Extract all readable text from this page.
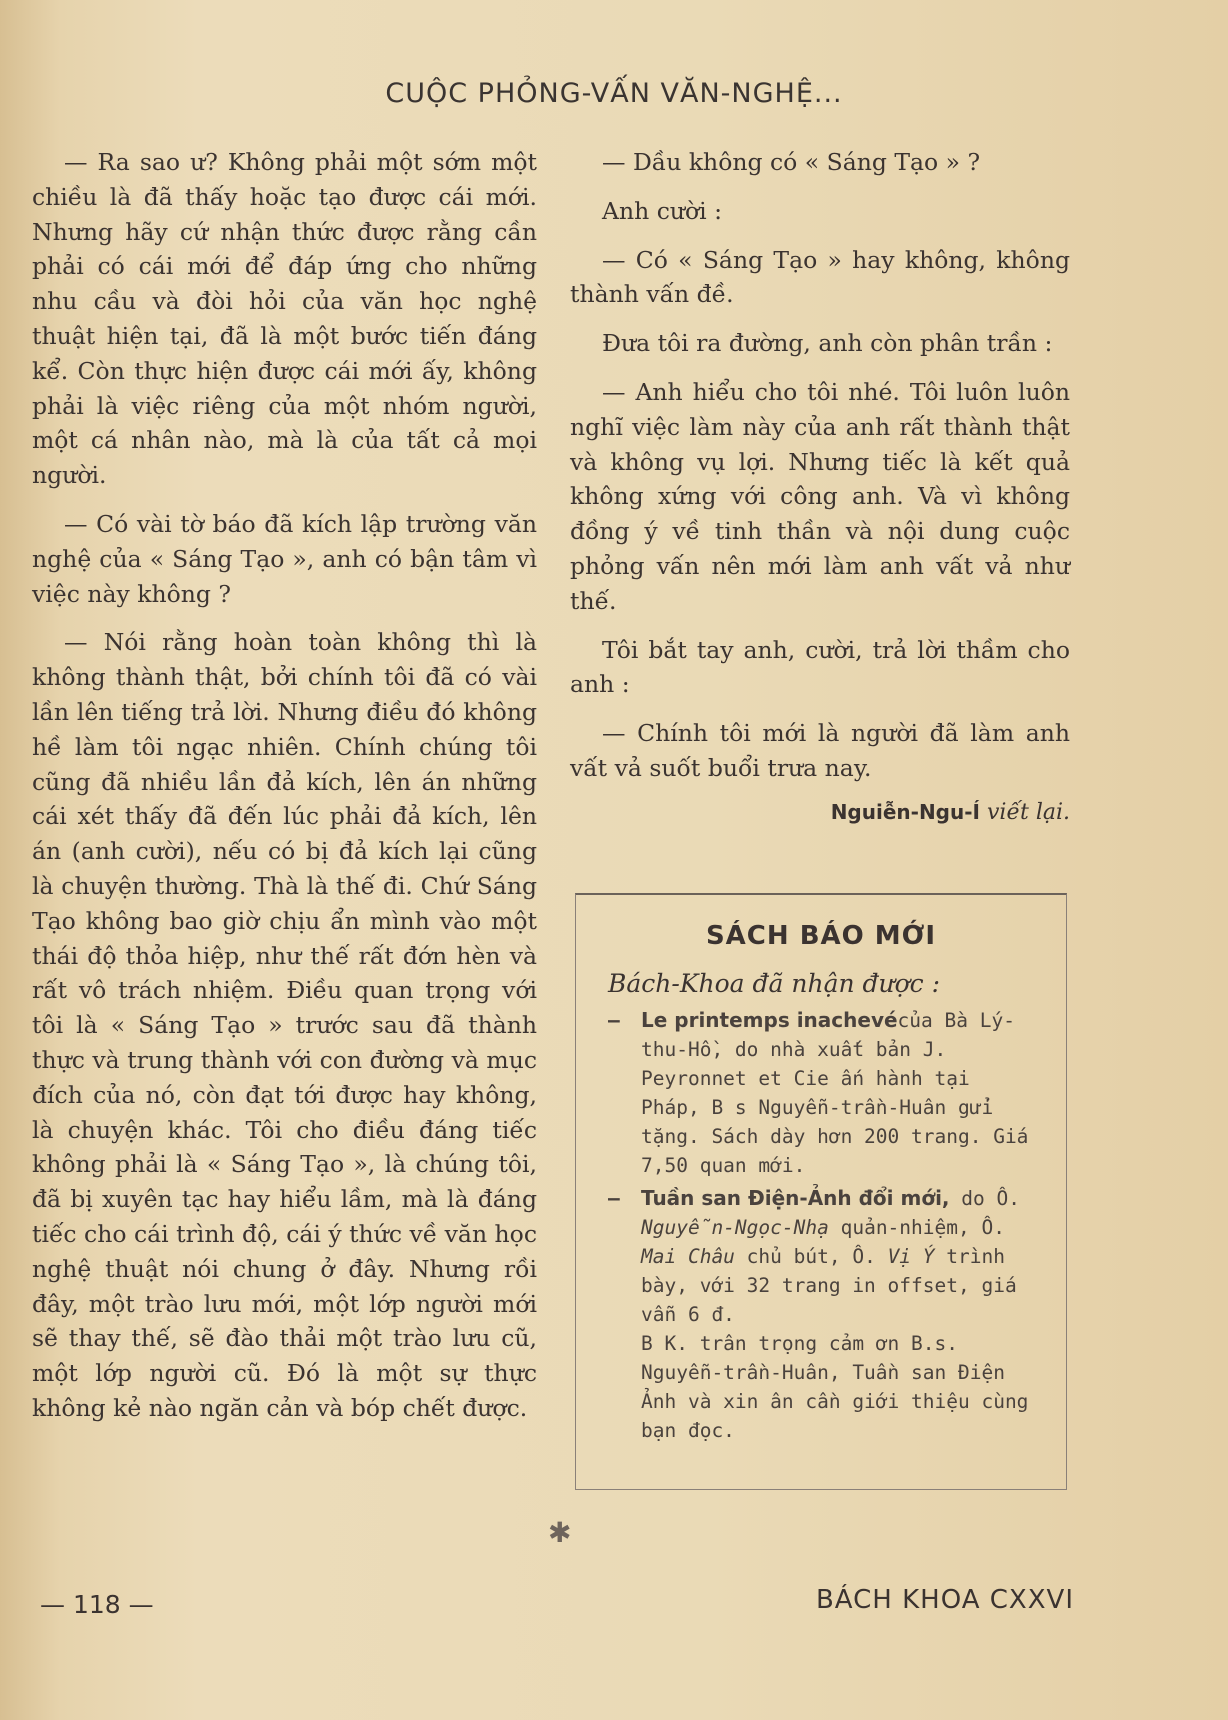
CUỘC PHỎNG-VẤN VĂN-NGHỆ...

— Ra sao ư? Không phải một sớm một chiều là đã thấy hoặc tạo được cái mới. Nhưng hãy cứ nhận thức được rằng cần phải có cái mới để đáp ứng cho những nhu cầu và đòi hỏi của văn học nghệ thuật hiện tại, đã là một bước tiến đáng kể. Còn thực hiện được cái mới ấy, không phải là việc riêng của một nhóm người, một cá nhân nào, mà là của tất cả mọi người.

— Có vài tờ báo đã kích lập trường văn nghệ của « Sáng Tạo », anh có bận tâm vì việc này không ?

— Nói rằng hoàn toàn không thì là không thành thật, bởi chính tôi đã có vài lần lên tiếng trả lời. Nhưng điều đó không hề làm tôi ngạc nhiên. Chính chúng tôi cũng đã nhiều lần đả kích, lên án những cái xét thấy đã đến lúc phải đả kích, lên án (anh cười), nếu có bị đả kích lại cũng là chuyện thường. Thà là thế đi. Chứ Sáng Tạo không bao giờ chịu ẩn mình vào một thái độ thỏa hiệp, như thế rất đớn hèn và rất vô trách nhiệm. Điều quan trọng với tôi là « Sáng Tạo » trước sau đã thành thực và trung thành với con đường và mục đích của nó, còn đạt tới được hay không, là chuyện khác. Tôi cho điều đáng tiếc không phải là « Sáng Tạo », là chúng tôi, đã bị xuyên tạc hay hiểu lầm, mà là đáng tiếc cho cái trình độ, cái ý thức về văn học nghệ thuật nói chung ở đây. Nhưng rồi đây, một trào lưu mới, một lớp người mới sẽ thay thế, sẽ đào thải một trào lưu cũ, một lớp người cũ. Đó là một sự thực không kẻ nào ngăn cản và bóp chết được.

— Dầu không có « Sáng Tạo » ?

Anh cười :

— Có « Sáng Tạo » hay không, không thành vấn đề.

Đưa tôi ra đường, anh còn phân trần :

— Anh hiểu cho tôi nhé. Tôi luôn luôn nghĩ việc làm này của anh rất thành thật và không vụ lợi. Nhưng tiếc là kết quả không xứng với công anh. Và vì không đồng ý về tinh thần và nội dung cuộc phỏng vấn nên mới làm anh vất vả như thế.

Tôi bắt tay anh, cười, trả lời thầm cho anh :

— Chính tôi mới là người đã làm anh vất vả suốt buổi trưa nay.

Nguiễn-Ngu-Í viết lại.

SÁCH BÁO MỚI
Bách-Khoa đã nhận được :
— Le printemps inachevécủa Bà Lý-thu-Hồ, do nhà xuất bản J. Peyronnet et Cie ấn hành tại Pháp, B s Nguyễn-trần-Huân gửi tặng. Sách dày hơn 200 trang. Giá 7,50 quan mới.
— Tuần san Điện-Ảnh đổi mới, do Ô. Nguyễn-Ngọc-Nhạ quản-nhiệm, Ô. Mai Châu chủ bút, Ô. Vị Ý trình bày, với 32 trang in offset, giá vẫn 6 đ.
B K. trân trọng cảm ơn B.s. Nguyễn-trần-Huân, Tuần san Điện Ảnh và xin ân cần giới thiệu cùng bạn đọc.
✱
— 118 —	BÁCH KHOA CXXVI
